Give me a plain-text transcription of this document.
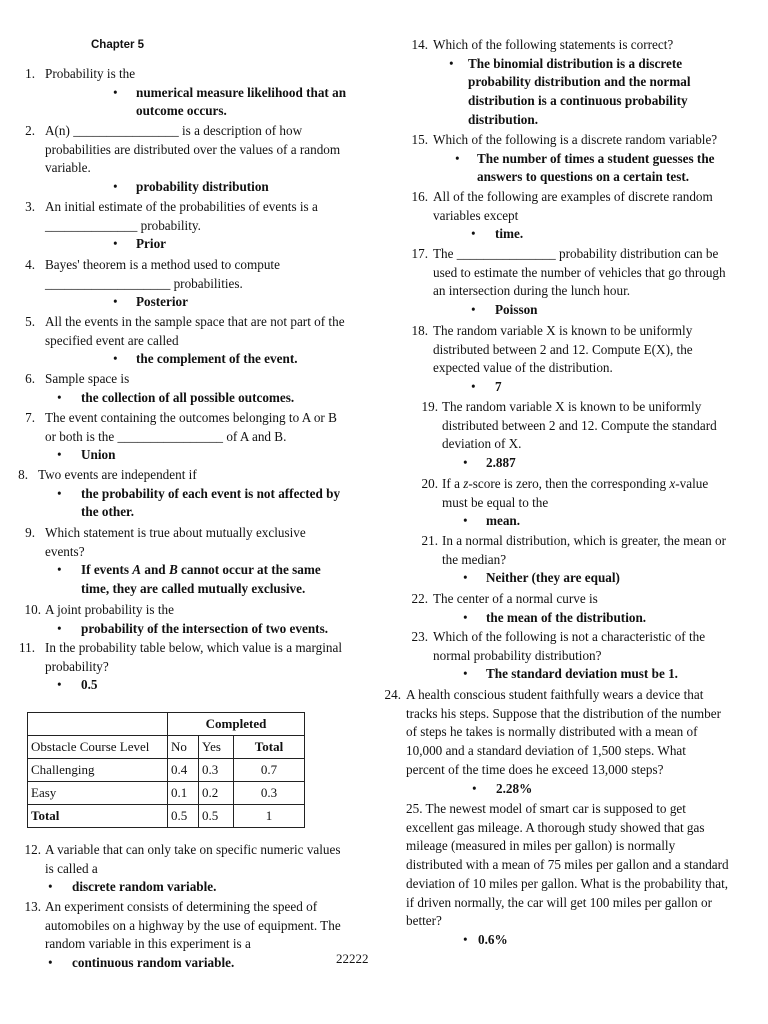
Chapter 5
1. Probability is the
• numerical measure likelihood that an
outcome occurs.
2. A(n) ________________ is a description of how
probabilities are distributed over the values of a random
variable.
• probability distribution
3. An initial estimate of the probabilities of events is a
______________ probability.
• Prior
4. Bayes' theorem is a method used to compute
___________________ probabilities.
• Posterior
5. All the events in the sample space that are not part of the
specified event are called
• the complement of the event.
6. Sample space is
• the collection of all possible outcomes.
7. The event containing the outcomes belonging to A or B
or both is the ________________ of A and B.
• Union
8. Two events are independent if
• the probability of each event is not affected by
the other.
9. Which statement is true about mutually exclusive
events?
• If events A and B cannot occur at the same
time, they are called mutually exclusive.
10. A joint probability is the
• probability of the intersection of two events.
11. In the probability table below, which value is a marginal
probability?
• 0.5
12. A variable that can only take on specific numeric values
is called a
• discrete random variable.
13. An experiment consists of determining the speed of
automobiles on a highway by the use of equipment. The
random variable in this experiment is a
• continuous random variable.
14. Which of the following statements is correct?
• The binomial distribution is a discrete
probability distribution and the normal
distribution is a continuous probability
distribution.
15. Which of the following is a discrete random variable?
• The number of times a student guesses the
answers to questions on a certain test.
16. All of the following are examples of discrete random
variables except
• time.
17. The _______________ probability distribution can be
used to estimate the number of vehicles that go through
an intersection during the lunch hour.
• Poisson
18. The random variable X is known to be uniformly
distributed between 2 and 12. Compute E(X), the
expected value of the distribution.
• 7
19. The random variable X is known to be uniformly
distributed between 2 and 12. Compute the standard
deviation of X.
• 2.887
20. If a z-score is zero, then the corresponding x-value
must be equal to the
• mean.
21. In a normal distribution, which is greater, the mean or
the median?
• Neither (they are equal)
22. The center of a normal curve is
• the mean of the distribution.
23. Which of the following is not a characteristic of the
normal probability distribution?
• The standard deviation must be 1.
24. A health conscious student faithfully wears a device that
tracks his steps. Suppose that the distribution of the number
of steps he takes is normally distributed with a mean of
10,000 and a standard deviation of 1,500 steps. What
percent of the time does he exceed 13,000 steps?
• 2.28%
25. The newest model of smart car is supposed to get
excellent gas mileage. A thorough study showed that gas
mileage (measured in miles per gallon) is normally
distributed with a mean of 75 miles per gallon and a standard
deviation of 10 miles per gallon. What is the probability that,
if driven normally, the car will get 100 miles per gallon or
better?
• 0.6%
	Completed		
Obstacle Course Level	No	Yes	Total
Challenging	0.4	0.3	0.7
Easy	0.1	0.2	0.3
Total	0.5	0.5	1
22222
